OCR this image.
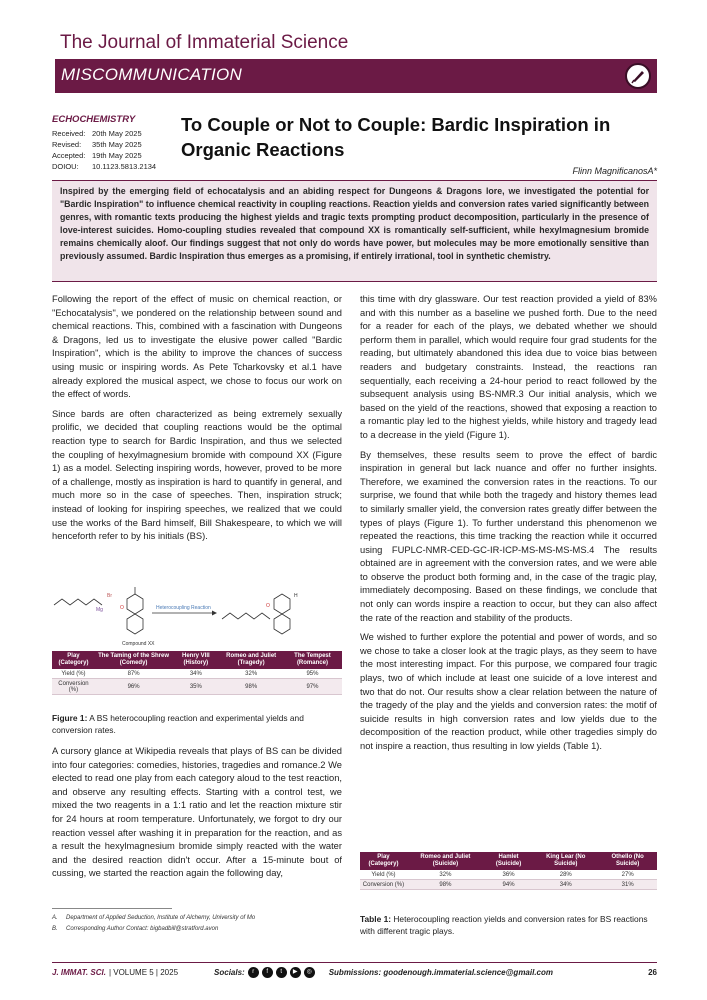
The Journal of Immaterial Science
MISCOMMUNICATION
ECHOCHEMISTRY
Received: 20th May 2025
Revised:	35th May 2025
Accepted: 19th May 2025
DOIOU:	10.1123.5813.2134
To Couple or Not to Couple: Bardic Inspiration in Organic Reactions
Flinn MagnificanosA*
Inspired by the emerging field of echocatalysis and an abiding respect for Dungeons & Dragons lore, we investigated the potential for "Bardic Inspiration" to influence chemical reactivity in coupling reactions. Reaction yields and conversion rates varied significantly between genres, with romantic texts producing the highest yields and tragic texts prompting product decomposition, particularly in the presence of love-interest suicides. Homo-coupling studies revealed that compound XX is romantically self-sufficient, while hexylmagnesium bromide remains chemically aloof. Our findings suggest that not only do words have power, but molecules may be more emotionally sensitive than previously assumed. Bardic Inspiration thus emerges as a promising, if entirely irrational, tool in synthetic chemistry.

Following the report of the effect of music on chemical reaction, or "Echocatalysis", we pondered on the relationship between sound and chemical reactions. This, combined with a fascination with Dungeons & Dragons, led us to investigate the elusive power called "Bardic Inspiration", which is the ability to improve the chances of success using music or inspiring words. As Pete Tcharkovsky et al.1 have already explored the musical aspect, we chose to focus our work on the effect of words.

Since bards are often characterized as being extremely sexually prolific, we decided that coupling reactions would be the optimal reaction type to search for Bardic Inspiration, and thus we selected the coupling of hexylmagnesium bromide with compound XX (Figure 1) as a model. Selecting inspiring words, however, proved to be more of a challenge, mostly as inspiration is hard to quantify in general, and much more so in the case of speeches. Then, inspiration struck; instead of looking for inspiring speeches, we realized that we could use the works of the Bard himself, Bill Shakespeare, to which we will henceforth refer to by his initials (BS).

Mg
Br
O	Heterocoupling Reaction
H
O
Compound XX
Play (Category)	The Taming of the Shrew (Comedy)	Henry VIII (History)	Romeo and Juliet (Tragedy)	The Tempest (Romance)
Yield (%)	87%	34%	32%	95%
Conversion (%)	96%	35%	98%	97%
Figure 1: A BS heterocoupling reaction and experimental yields and conversion rates.

A cursory glance at Wikipedia reveals that plays of BS can be divided into four categories: comedies, histories, tragedies and romance.2 We elected to read one play from each category aloud to the test reaction, and observe any resulting effects. Starting with a control test, we mixed the two reagents in a 1:1 ratio and let the reaction mixture stir for 24 hours at room temperature. Unfortunately, we forgot to dry our reaction vessel after washing it in preparation for the reaction, and as a result the hexylmagnesium bromide simply reacted with the water and the desired reaction didn't occur. After a 15-minute bout of cussing, we started the reaction again the following day,

A.	Department of Applied Seduction, Institute of Alchemy, University of Mo
B.	Corresponding Author Contact: bigbadbill@stratford.avon

this time with dry glassware. Our test reaction provided a yield of 83% and with this number as a baseline we pushed forth. Due to the need for a reader for each of the plays, we debated whether we should perform them in parallel, which would require four grad students for the reading, but ultimately abandoned this idea due to voice bias between readers and budgetary constraints. Instead, the reactions ran sequentially, each receiving a 24-hour period to react followed by the subsequent analysis using BS-NMR.3 Our initial analysis, which we based on the yield of the reactions, showed that exposing a reaction to a romantic play led to the highest yields, while history and tragedy lead to a decrease in the yield (Figure 1).

By themselves, these results seem to prove the effect of bardic inspiration in general but lack nuance and offer no further insights. Therefore, we examined the conversion rates in the reactions. To our surprise, we found that while both the tragedy and history themes lead to similarly smaller yield, the conversion rates greatly differ between the types of plays (Figure 1). To further understand this phenomenon we repeated the reactions, this time tracking the reaction while it occurred using FUPLC-NMR-CED-GC-IR-ICP-MS-MS-MS-MS.4 The results obtained are in agreement with the conversion rates, and we were able to observe the product both forming and, in the case of the tragic play, immediately decomposing. Based on these findings, we conclude that not only can words inspire a reaction to occur, but they can also affect the rate of the reaction and stability of the products.

We wished to further explore the potential and power of words, and so we chose to take a closer look at the tragic plays, as they seem to have the most interesting impact. For this purpose, we compared four tragic plays, two of which include at least one suicide of a love interest and two that do not. Our results show a clear relation between the nature of the tragedy of the play and the yields and conversion rates: the motif of suicide results in high conversion rates and low yields due to the decomposition of the reaction product, while other tragedies simply do not inspire a reaction, thus resulting in low yields (Table 1).

Play (Category)	Romeo and Juliet (Suicide)	Hamlet (Suicide)	King Lear (No Suicide)	Othello (No Suicide)
Yield (%)	32%	36%	28%	27%
Conversion (%)	98%	94%	34%	31%
Table 1: Heterocoupling reaction yields and conversion rates for BS reactions with different tragic plays.
J. IMMAT. SCI. | VOLUME 5 | 2025	Socials:	r f t ▶ ◎	Submissions: goodenough.immaterial.science@gmail.com	26
